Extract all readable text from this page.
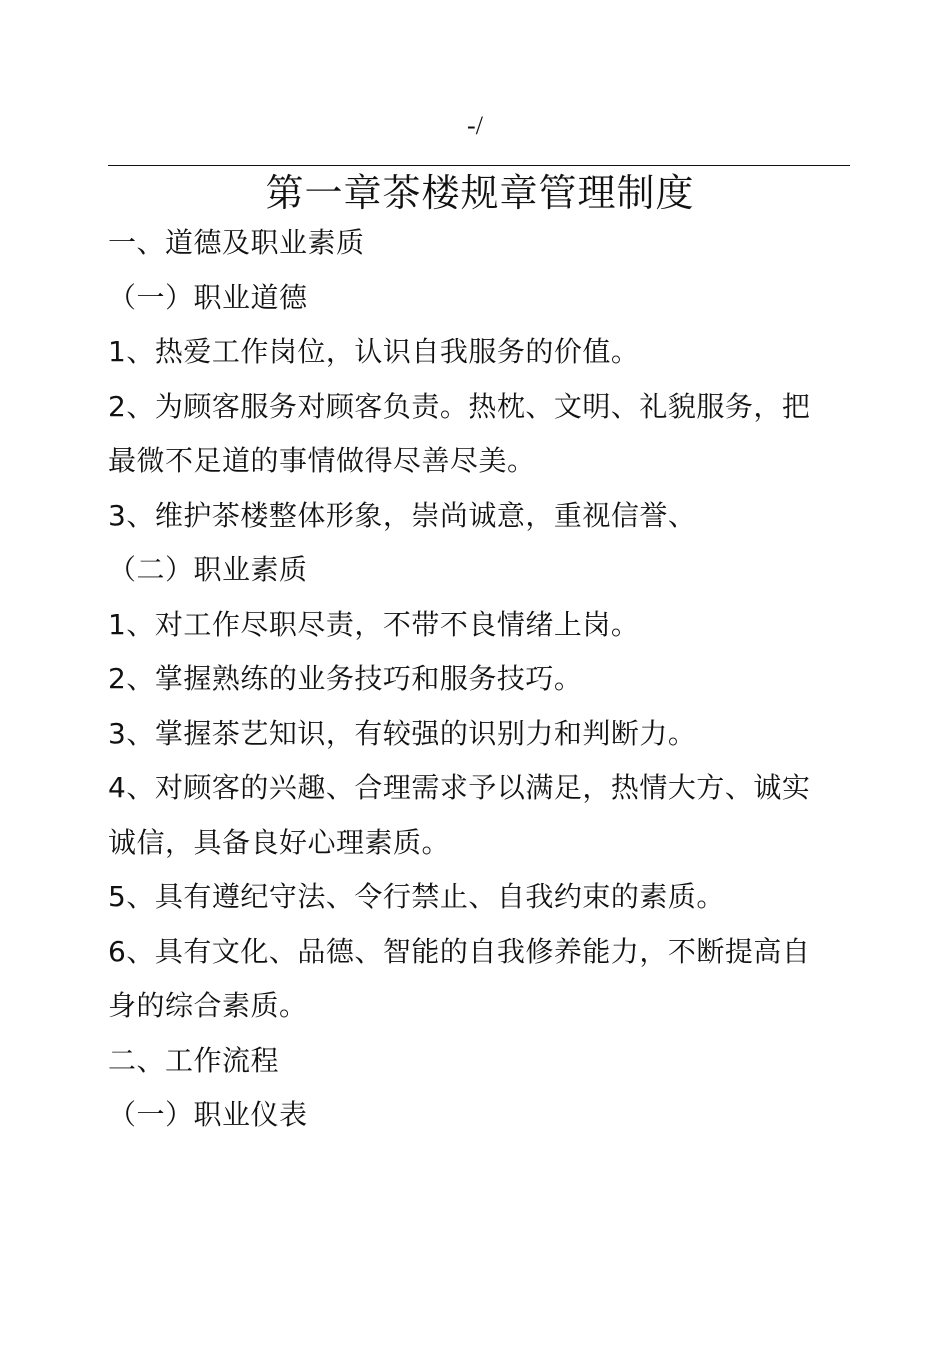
-/
第一章茶楼规章管理制度
一、道德及职业素质
（一）职业道德
1、热爱工作岗位，认识自我服务的价值。
2、为顾客服务对顾客负责。热枕、文明、礼貌服务，把
最微不足道的事情做得尽善尽美。
3、维护茶楼整体形象，崇尚诚意，重视信誉、
（二）职业素质
1、对工作尽职尽责，不带不良情绪上岗。
2、掌握熟练的业务技巧和服务技巧。
3、掌握茶艺知识，有较强的识别力和判断力。
4、对顾客的兴趣、合理需求予以满足，热情大方、诚实
诚信，具备良好心理素质。
5、具有遵纪守法、令行禁止、自我约束的素质。
6、具有文化、品德、智能的自我修养能力，不断提高自
身的综合素质。
二、工作流程
（一）职业仪表
